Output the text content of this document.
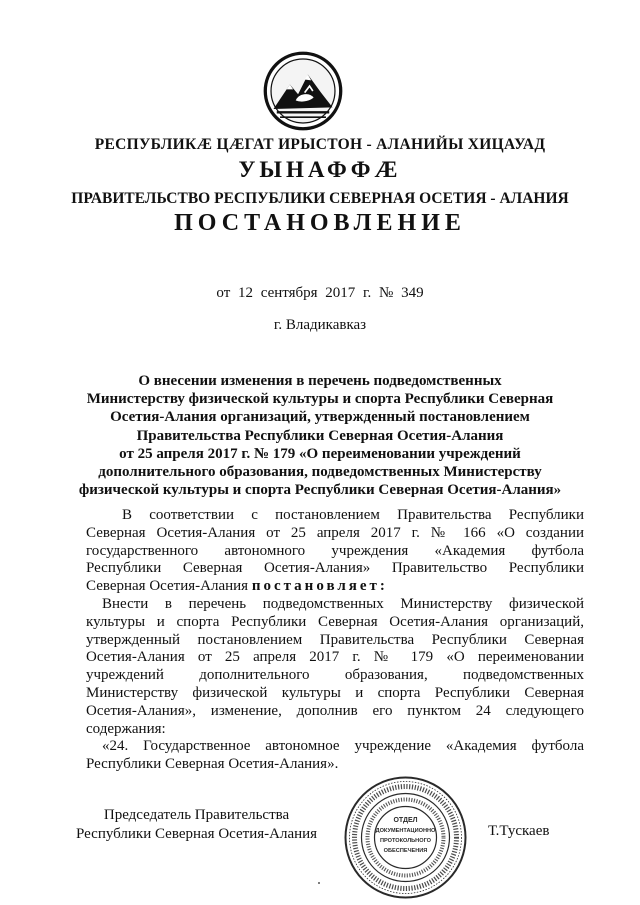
РЕСПУБЛИКӔ ЦӔГАТ ИРЫСТОН - АЛАНИЙЫ ХИЦАУАД
УЫНАФФӔ
ПРАВИТЕЛЬСТВО РЕСПУБЛИКИ СЕВЕРНАЯ ОСЕТИЯ - АЛАНИЯ
ПОСТАНОВЛЕНИЕ
от 12 сентября 2017 г. № 349
г. Владикавказ
О внесении изменения в перечень подведомственных
Министерству физической культуры и спорта Республики Северная
Осетия-Алания организаций, утвержденный постановлением
Правительства Республики Северная Осетия-Алания
от 25 апреля 2017 г. № 179 «О переименовании учреждений
дополнительного образования, подведомственных Министерству
физической культуры и спорта Республики Северная Осетия-Алания»
В соответствии с постановлением Правительства Республики
Северная Осетия-Алания от 25 апреля 2017 г. № 166 «О создании
государственного автономного учреждения «Академия футбола
Республики Северная Осетия-Алания» Правительство Республики
Северная Осетия-Алания постановляет:
Внести в перечень подведомственных Министерству физической
культуры и спорта Республики Северная Осетия-Алания организаций,
утвержденный постановлением Правительства Республики Северная
Осетия-Алания от 25 апреля 2017 г. № 179 «О переименовании
учреждений дополнительного образования, подведомственных
Министерству физической культуры и спорта Республики Северная
Осетия-Алания», изменение, дополнив его пунктом 24 следующего
содержания:
«24. Государственное автономное учреждение «Академия футбола
Республики Северная Осетия-Алания».
Председатель Правительства
Республики Северная Осетия-Алания
ОТДЕЛ
ДОКУМЕНТАЦИОННО
ПРОТОКОЛЬНОГО
ОБЕСПЕЧЕНИЯ
Т.Тускаев
